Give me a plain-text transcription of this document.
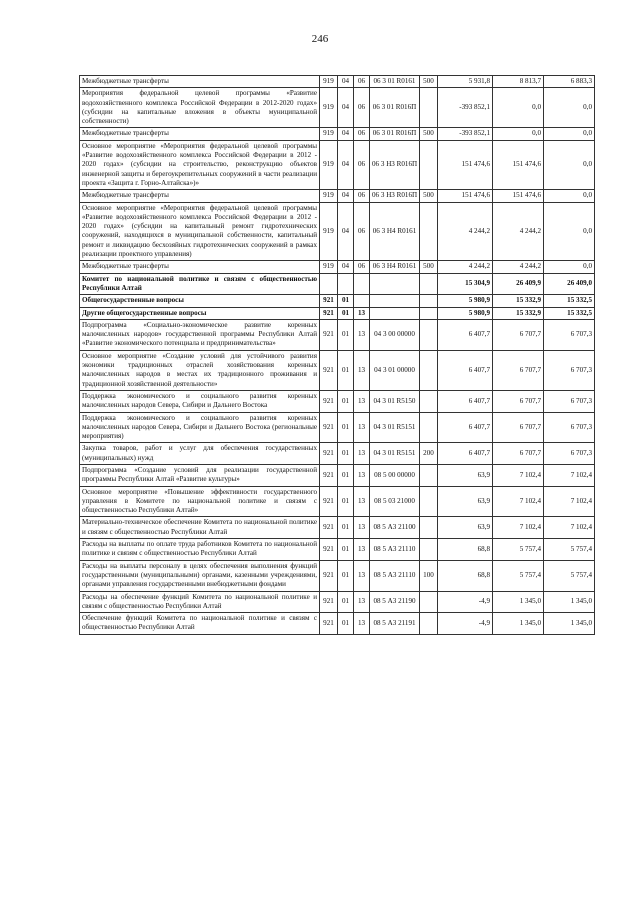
246
Межбюджетные трансферты	919	04	06	06 3 01 R0161	500	5 931,8	8 813,7	6 883,3
Мероприятия федеральной целевой программы «Развитие водохозяйственного комплекса Российской Федерации в 2012-2020 годах» (субсидии на капитальные вложения в объекты муниципальной собственности)	919	04	06	06 3 01 R016П		-393 852,1	0,0	0,0
Межбюджетные трансферты	919	04	06	06 3 01 R016П	500	-393 852,1	0,0	0,0
Основное мероприятие «Мероприятия федеральной целевой программы «Развитие водохозяйственного комплекса Российской Федерации в 2012 - 2020 годах» (субсидии на строительство, реконструкцию объектов инженерной защиты и берегоукрепительных сооружений в части реализации проекта «Защита г. Горно-Алтайска»)»	919	04	06	06 3 Н3 R016П		151 474,6	151 474,6	0,0
Межбюджетные трансферты	919	04	06	06 3 Н3 R016П	500	151 474,6	151 474,6	0,0
Основное мероприятие «Мероприятия федеральной целевой программы «Развитие водохозяйственного комплекса Российской Федерации в 2012 - 2020 годах» (субсидии на капитальный ремонт гидротехнических сооружений, находящихся в муниципальной собственности, капитальный ремонт и ликвидацию бесхозяйных гидротехнических сооружений в рамках реализации проектного управления)	919	04	06	06 3 Н4 R0161		4 244,2	4 244,2	0,0
Межбюджетные трансферты	919	04	06	06 3 Н4 R0161	500	4 244,2	4 244,2	0,0
Комитет по национальной политике и связям с общественностью Республики Алтай						15 304,9	26 409,9	26 409,0
Общегосударственные вопросы	921	01				5 980,9	15 332,9	15 332,5
Другие общегосударственные вопросы	921	01	13			5 980,9	15 332,9	15 332,5
Подпрограмма «Социально-экономическое развитие коренных малочисленных народов» государственной программы Республики Алтай «Развитие экономического потенциала и предпринимательства»	921	01	13	04 3 00 00000		6 407,7	6 707,7	6 707,3
Основное мероприятие «Создание условий для устойчивого развития экономики традиционных отраслей хозяйствования коренных малочисленных народов в местах их традиционного проживания и традиционной хозяйственной деятельности»	921	01	13	04 3 01 00000		6 407,7	6 707,7	6 707,3
Поддержка экономического и социального развития коренных малочисленных народов Севера, Сибири и Дальнего Востока	921	01	13	04 3 01 R5150		6 407,7	6 707,7	6 707,3
Поддержка экономического и социального развития коренных малочисленных народов Севера, Сибири и Дальнего Востока (региональные мероприятия)	921	01	13	04 3 01 R5151		6 407,7	6 707,7	6 707,3
Закупка товаров, работ и услуг для обеспечения государственных (муниципальных) нужд	921	01	13	04 3 01 R5151	200	6 407,7	6 707,7	6 707,3
Подпрограмма «Создание условий для реализации государственной программы Республики Алтай «Развитие культуры»	921	01	13	08 5 00 00000		63,9	7 102,4	7 102,4
Основное мероприятие «Повышение эффективности государственного управления в Комитете по национальной политике и связям с общественностью Республики Алтай»	921	01	13	08 5 03 21000		63,9	7 102,4	7 102,4
Материально-техническое обеспечение Комитета по национальной политике и связям с общественностью Республики Алтай	921	01	13	08 5 А3 21100		63,9	7 102,4	7 102,4
Расходы на выплаты по оплате труда работников Комитета по национальной политике и связям с общественностью Республики Алтай	921	01	13	08 5 А3 21110		68,8	5 757,4	5 757,4
Расходы на выплаты персоналу в целях обеспечения выполнения функций государственными (муниципальными) органами, казенными учреждениями, органами управления государственными внебюджетными фондами	921	01	13	08 5 А3 21110	100	68,8	5 757,4	5 757,4
Расходы на обеспечение функций Комитета по национальной политике и связям с общественностью Республики Алтай	921	01	13	08 5 А3 21190		-4,9	1 345,0	1 345,0
Обеспечение функций Комитета по национальной политике и связям с общественностью Республики Алтай	921	01	13	08 5 А3 21191		-4,9	1 345,0	1 345,0
